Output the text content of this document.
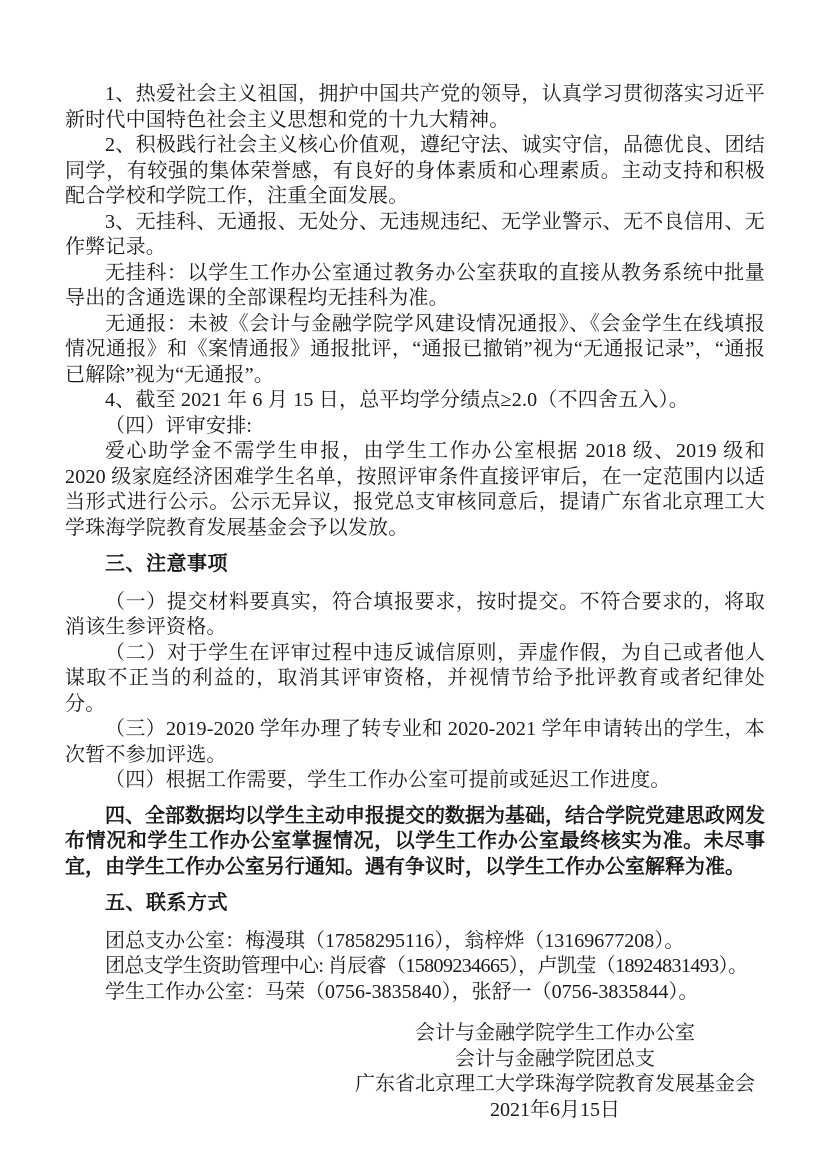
1、热爱社会主义祖国，拥护中国共产党的领导，认真学习贯彻落实习近平新时代中国特色社会主义思想和党的十九大精神。

2、积极践行社会主义核心价值观，遵纪守法、诚实守信，品德优良、团结同学，有较强的集体荣誉感，有良好的身体素质和心理素质。主动支持和积极配合学校和学院工作，注重全面发展。

3、无挂科、无通报、无处分、无违规违纪、无学业警示、无不良信用、无作弊记录。

无挂科：以学生工作办公室通过教务办公室获取的直接从教务系统中批量导出的含通选课的全部课程均无挂科为准。

无通报：未被《会计与金融学院学风建设情况通报》、《会金学生在线填报情况通报》和《案情通报》通报批评，“通报已撤销”视为“无通报记录”，“通报已解除”视为“无通报”。

4、截至 2021 年 6 月 15 日，总平均学分绩点≥2.0（不四舍五入）。

（四）评审安排:

爱心助学金不需学生申报，由学生工作办公室根据 2018 级、2019 级和 2020 级家庭经济困难学生名单，按照评审条件直接评审后，在一定范围内以适当形式进行公示。公示无异议，报党总支审核同意后，提请广东省北京理工大学珠海学院教育发展基金会予以发放。

三、注意事项

（一）提交材料要真实，符合填报要求，按时提交。不符合要求的，将取消该生参评资格。

（二）对于学生在评审过程中违反诚信原则，弄虚作假，为自己或者他人谋取不正当的利益的，取消其评审资格，并视情节给予批评教育或者纪律处分。

（三）2019-2020 学年办理了转专业和 2020-2021 学年申请转出的学生，本次暂不参加评选。

（四）根据工作需要，学生工作办公室可提前或延迟工作进度。

四、全部数据均以学生主动申报提交的数据为基础，结合学院党建思政网发布情况和学生工作办公室掌握情况，以学生工作办公室最终核实为准。未尽事宜，由学生工作办公室另行通知。遇有争议时，以学生工作办公室解释为准。

五、联系方式

团总支办公室：梅漫琪（17858295116），翁梓烨（13169677208）。

团总支学生资助管理中心: 肖辰睿（15809234665），卢凯莹（18924831493）。

学生工作办公室：马荣（0756-3835840），张舒一（0756-3835844）。

会计与金融学院学生工作办公室

会计与金融学院团总支

广东省北京理工大学珠海学院教育发展基金会

2021年6月15日
